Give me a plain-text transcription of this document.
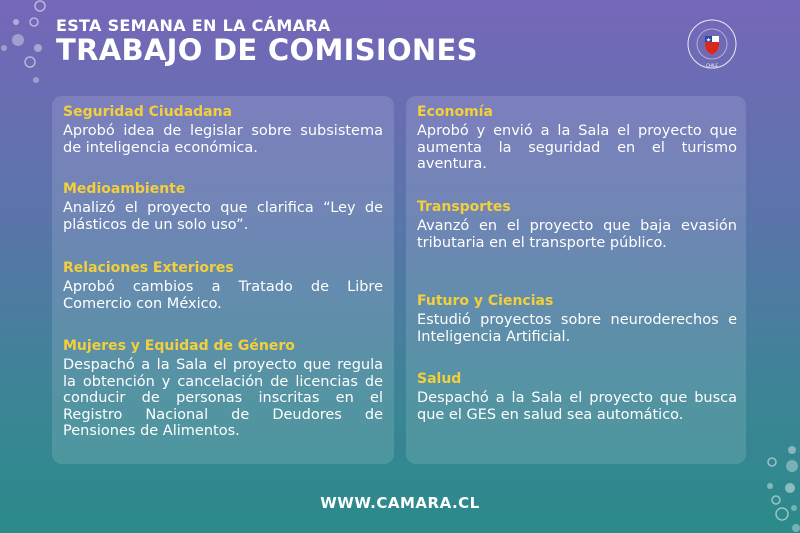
ESTA SEMANA EN LA CÁMARA
TRABAJO DE COMISIONES	CHILE
Seguridad Ciudadana

Aprobó idea de legislar sobre subsistema de inteligencia económica.

Medioambiente

Analizó el proyecto que clarifica “Ley de plásticos de un solo uso”.

Relaciones Exteriores

Aprobó cambios a Tratado de Libre Comercio con México.

Mujeres y Equidad de Género

Despachó a la Sala el proyecto que regula la obtención y cancelación de licencias de conducir de personas inscritas en el Registro Nacional de Deudores de Pensiones de Alimentos.

Economía

Aprobó y envió a la Sala el proyecto que aumenta la seguridad en el turismo aventura.

Transportes

Avanzó en el proyecto que baja evasión tributaria en el transporte público.

Futuro y Ciencias

Estudió proyectos sobre neuroderechos e Inteligencia Artificial.

Salud

Despachó a la Sala el proyecto que busca que el GES en salud sea automático.

WWW.CAMARA.CL
